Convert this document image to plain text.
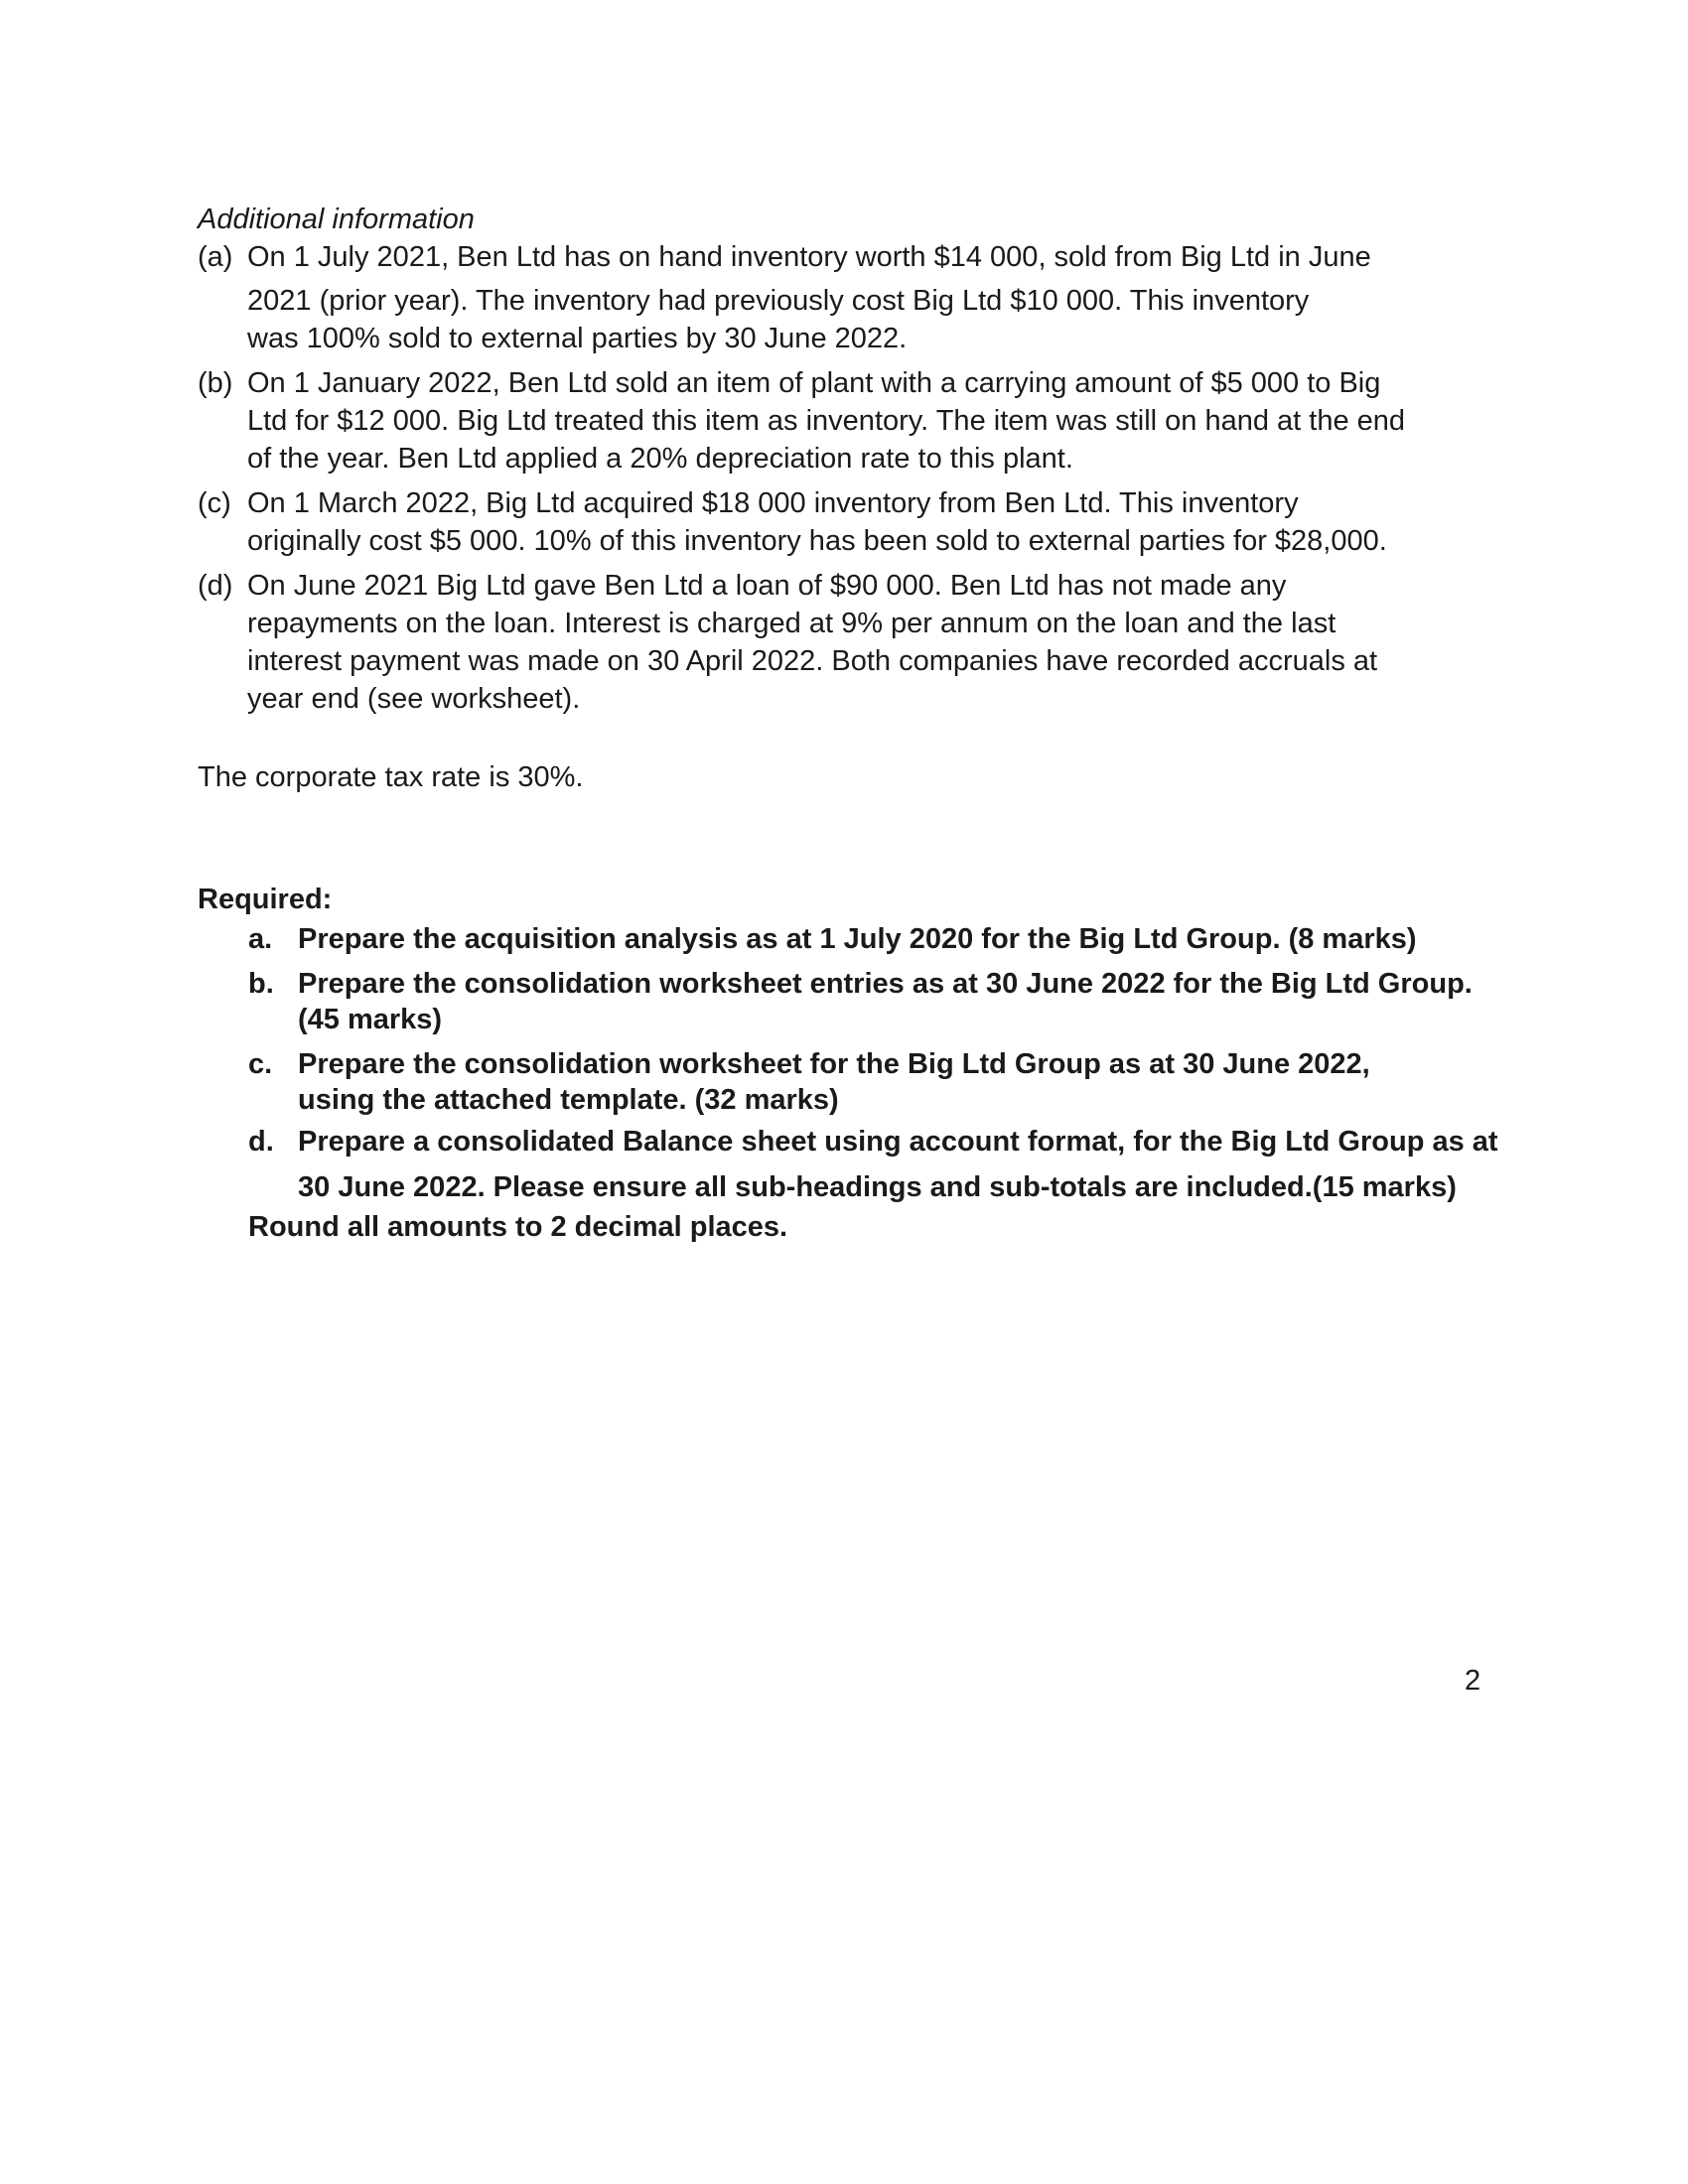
Additional information
(a) On 1 July 2021, Ben Ltd has on hand inventory worth $14 000, sold from Big Ltd in June
2021 (prior year). The inventory had previously cost Big Ltd $10 000. This inventory
was 100% sold to external parties by 30 June 2022.
(b) On 1 January 2022, Ben Ltd sold an item of plant with a carrying amount of $5 000 to Big
Ltd for $12 000. Big Ltd treated this item as inventory. The item was still on hand at the end
of the year. Ben Ltd applied a 20% depreciation rate to this plant.
(c) On 1 March 2022, Big Ltd acquired $18 000 inventory from Ben Ltd. This inventory
originally cost $5 000. 10% of this inventory has been sold to external parties for $28,000.
(d) On June 2021 Big Ltd gave Ben Ltd a loan of $90 000. Ben Ltd has not made any
repayments on the loan. Interest is charged at 9% per annum on the loan and the last
interest payment was made on 30 April 2022. Both companies have recorded accruals at
year end (see worksheet).
The corporate tax rate is 30%.
Required:
a. Prepare the acquisition analysis as at 1 July 2020 for the Big Ltd Group. (8 marks)
b. Prepare the consolidation worksheet entries as at 30 June 2022 for the Big Ltd Group.
(45 marks)
c. Prepare the consolidation worksheet for the Big Ltd Group as at 30 June 2022,
using the attached template. (32 marks)
d. Prepare a consolidated Balance sheet using account format, for the Big Ltd Group as at
30 June 2022. Please ensure all sub-headings and sub-totals are included.(15 marks)
Round all amounts to 2 decimal places.
2
